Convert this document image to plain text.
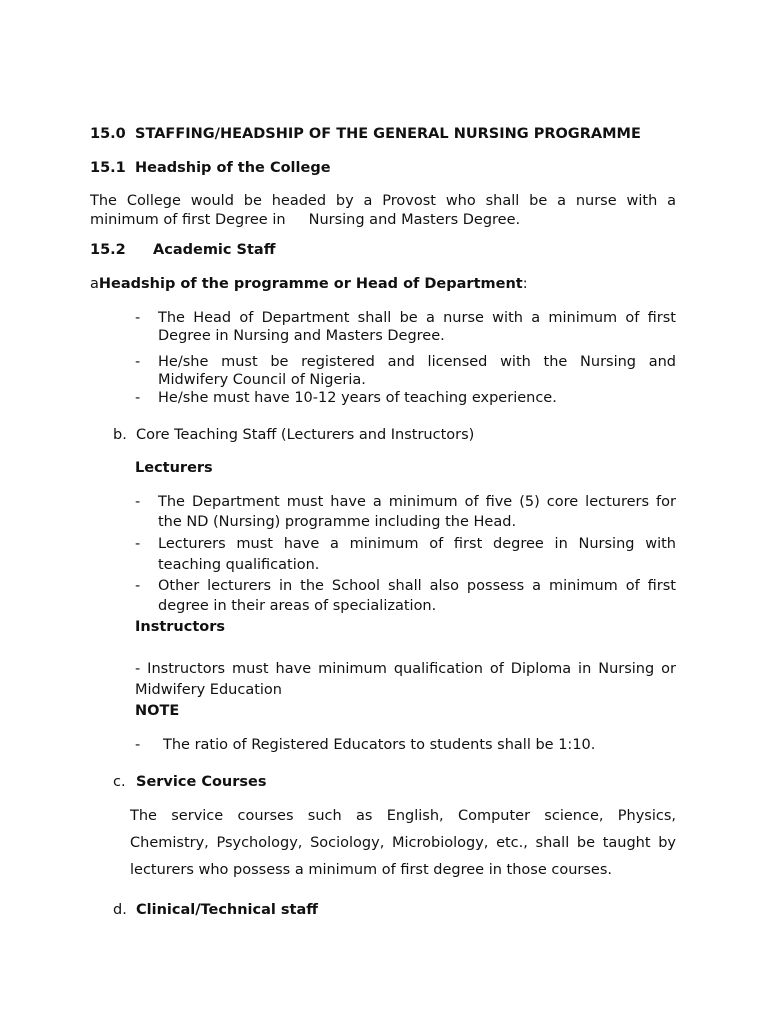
15.0 STAFFING/HEADSHIP OF THE GENERAL NURSING PROGRAMME
15.1 Headship of the College
The College would be headed by a Provost who shall be a nurse with a
minimum of first Degree in     Nursing and Masters Degree.
15.2 Academic Staff
aHeadship of the programme or Head of Department:
- The Head of Department shall be a nurse with a minimum of first
Degree in Nursing and Masters Degree.
- He/she must be registered and licensed with the Nursing and
Midwifery Council of Nigeria.
- He/she must have 10-12 years of teaching experience.
b. Core Teaching Staff (Lecturers and Instructors)
Lecturers
- The Department must have a minimum of five (5) core lecturers for
the ND (Nursing) programme including the Head.
- Lecturers must have a minimum of first degree in Nursing with
teaching qualification.
- Other lecturers in the School shall also possess a minimum of first
degree in their areas of specialization.
Instructors
- Instructors must have minimum qualification of Diploma in Nursing or
Midwifery Education
NOTE
- The ratio of Registered Educators to students shall be 1:10.
c. Service Courses
The service courses such as English, Computer science, Physics,
Chemistry, Psychology, Sociology, Microbiology, etc., shall be taught by
lecturers who possess a minimum of first degree in those courses.
d. Clinical/Technical staff
